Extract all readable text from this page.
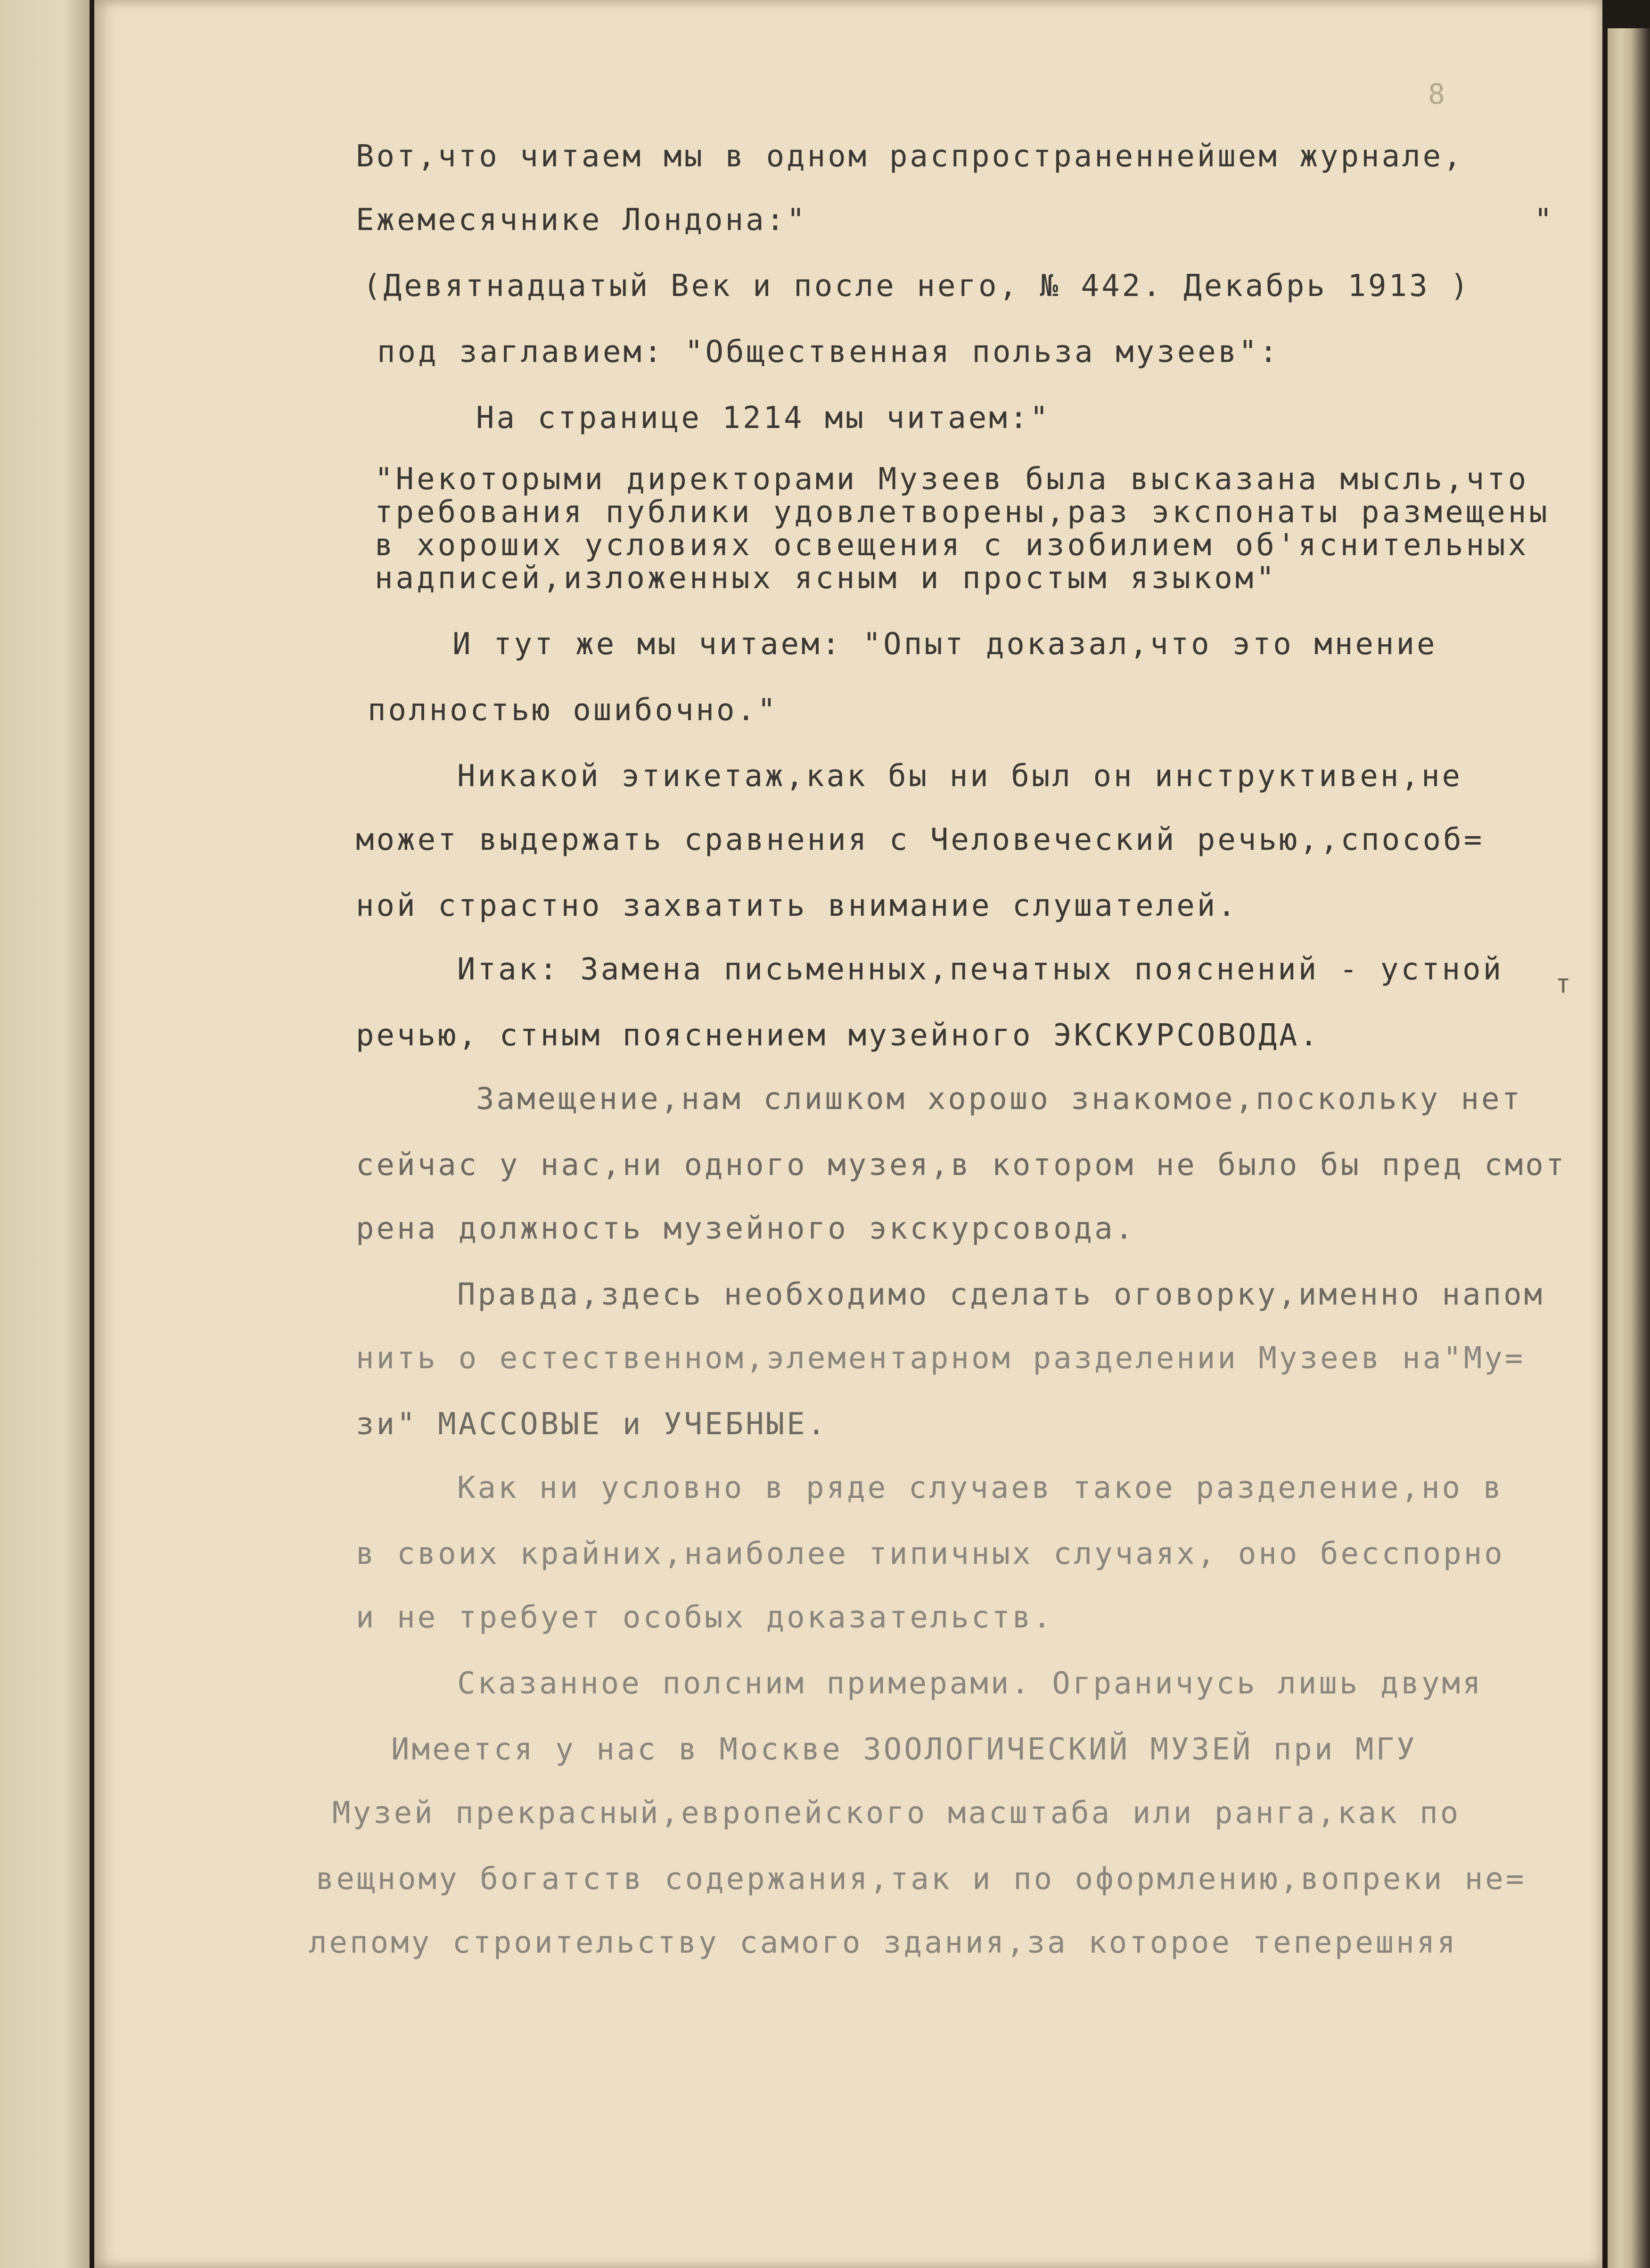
8
т
Вот,что читаем мы в одном распространеннейшем журнале,
Ежемесячнике Лондона:"	"
(Девятнадцатый Век и после него, № 442. Декабрь 1913 )
под заглавием: "Общественная польза музеев":
На странице 1214 мы читаем:"
"Некоторыми директорами Музеев была высказана мысль,что
требования публики удовлетворены,раз экспонаты размещены
в хороших условиях освещения с изобилием об'яснительных
надписей,изложенных ясным и простым языком"
И тут же мы читаем: "Опыт доказал,что это мнение
полностью ошибочно."
Никакой этикетаж,как бы ни был он инструктивен,не
может выдержать сравнения с Человеческий речью,,способ=
ной страстно захватить внимание слушателей.
Итак: Замена письменных,печатных пояснений - устной
речью, стным пояснением музейного ЭКСКУРСОВОДА.
Замещение,нам слишком хорошо знакомое,поскольку нет
сейчас у нас,ни одного музея,в котором не было бы пред смот
рена должность музейного экскурсовода.
Правда,здесь необходимо сделать оговорку,именно напом
нить о естественном,элементарном разделении Музеев на"Му=
зи" МАССОВЫЕ и УЧЕБНЫЕ.
Как ни условно в ряде случаев такое разделение,но в
в своих крайних,наиболее типичных случаях, оно бесспорно
и не требует особых доказательств.
Сказанное полсним примерами. Ограничусь лишь двумя
Имеется у нас в Москве ЗООЛОГИЧЕСКИЙ МУЗЕЙ при МГУ
Музей прекрасный,европейского масштаба или ранга,как по
вещному богатств содержания,так и по оформлению,вопреки не=
лепому строительству самого здания,за которое теперешняя
